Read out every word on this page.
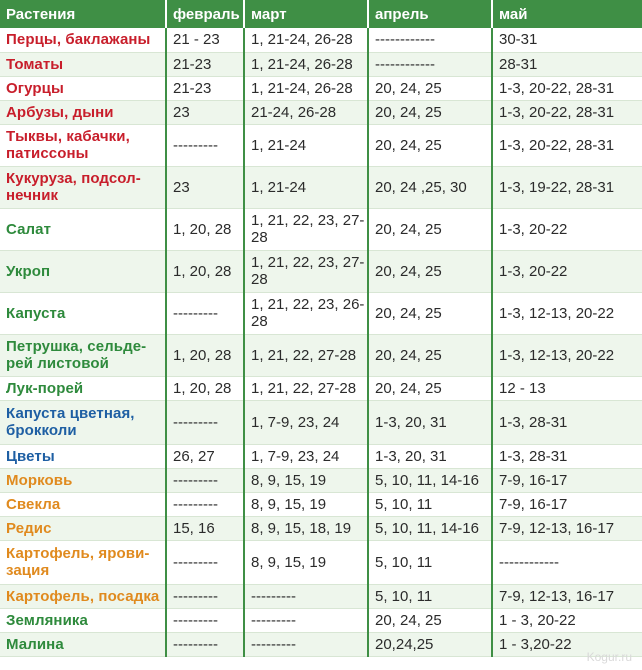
Растения	февраль	март	апрель	май
Перцы, баклажаны	21 - 23	1, 21-24, 26-28	------------	30-31
Томаты	21-23	1, 21-24, 26-28	------------	28-31
Огурцы	21-23	1, 21-24, 26-28	20, 24, 25	1-3, 20-22, 28-31
Арбузы, дыни	23	21-24, 26-28	20, 24, 25	1-3, 20-22, 28-31
Тыквы, кабачки, патиссоны	---------	1, 21-24	20, 24, 25	1-3, 20-22, 28-31
Кукуруза, подсол- нечник	23	1, 21-24	20, 24 ,25, 30	1-3, 19-22, 28-31
Салат	1, 20, 28	1, 21, 22, 23, 27-28	20, 24, 25	1-3, 20-22
Укроп	1, 20, 28	1, 21, 22, 23, 27-28	20, 24, 25	1-3, 20-22
Капуста	---------	1, 21, 22, 23, 26-28	20, 24, 25	1-3, 12-13, 20-22
Петрушка, сельде- рей листовой	1, 20, 28	1, 21, 22, 27-28	20, 24, 25	1-3, 12-13, 20-22
Лук-порей	1, 20, 28	1, 21, 22, 27-28	20, 24, 25	12 - 13
Капуста цветная, брокколи	---------	1, 7-9, 23, 24	1-3, 20, 31	1-3, 28-31
Цветы	26, 27	1, 7-9, 23, 24	1-3, 20, 31	1-3, 28-31
Морковь	---------	8, 9, 15, 19	5, 10, 11, 14-16	7-9, 16-17
Свекла	---------	8, 9, 15, 19	5, 10, 11	7-9, 16-17
Редис	15, 16	8, 9, 15, 18, 19	5, 10, 11, 14-16	7-9, 12-13, 16-17
Картофель, ярови- зация	---------	8, 9, 15, 19	5, 10, 11	------------
Картофель, посадка	---------	---------	5, 10, 11	7-9, 12-13, 16-17
Земляника	---------	---------	20, 24, 25	1 - 3, 20-22
Малина	---------	---------	20,24,25	1 - 3,20-22
Kogur.ru
